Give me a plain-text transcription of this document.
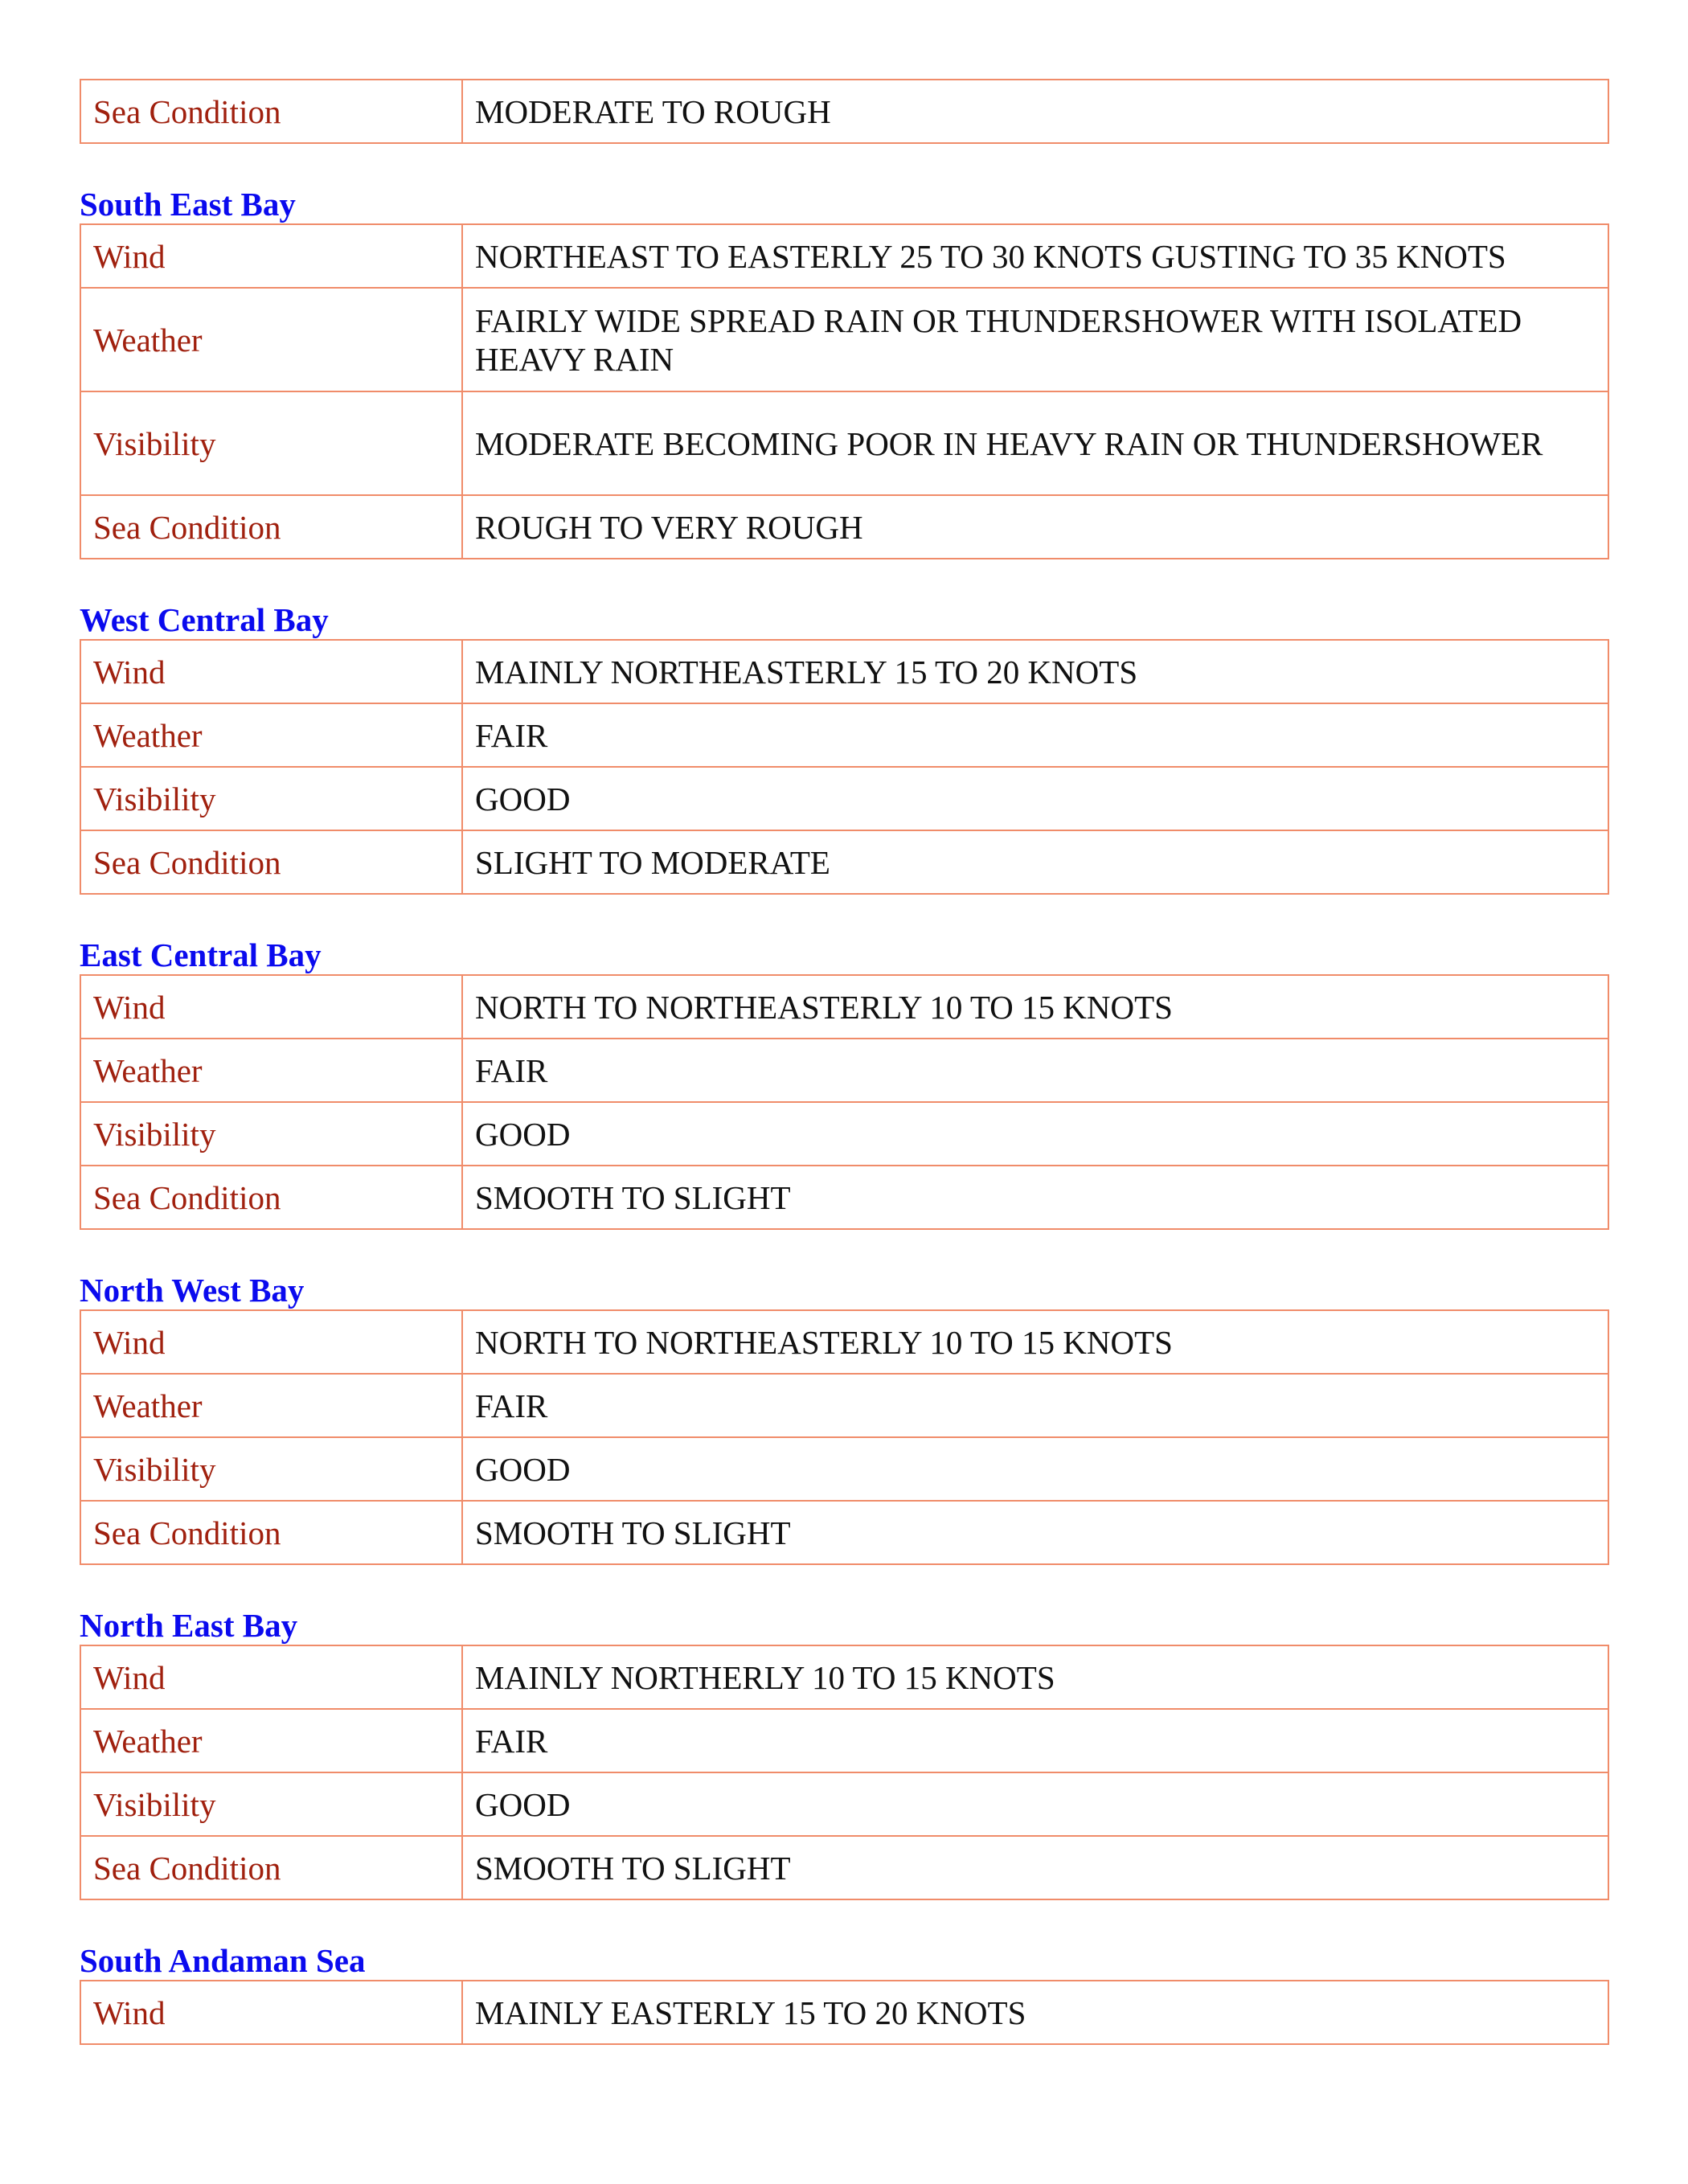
Sea Condition	MODERATE TO ROUGH
South East Bay
Wind	NORTHEAST TO EASTERLY 25 TO 30 KNOTS GUSTING TO 35 KNOTS
Weather	FAIRLY WIDE SPREAD RAIN OR THUNDERSHOWER WITH ISOLATED HEAVY RAIN
Visibility	MODERATE BECOMING POOR IN HEAVY RAIN OR THUNDERSHOWER
Sea Condition	ROUGH TO VERY ROUGH
West Central Bay
Wind	MAINLY NORTHEASTERLY 15 TO 20 KNOTS
Weather	FAIR
Visibility	GOOD
Sea Condition	SLIGHT TO MODERATE
East Central Bay
Wind	NORTH TO NORTHEASTERLY 10 TO 15 KNOTS
Weather	FAIR
Visibility	GOOD
Sea Condition	SMOOTH TO SLIGHT
North West Bay
Wind	NORTH TO NORTHEASTERLY 10 TO 15 KNOTS
Weather	FAIR
Visibility	GOOD
Sea Condition	SMOOTH TO SLIGHT
North East Bay
Wind	MAINLY NORTHERLY 10 TO 15 KNOTS
Weather	FAIR
Visibility	GOOD
Sea Condition	SMOOTH TO SLIGHT
South Andaman Sea
Wind	MAINLY EASTERLY 15 TO 20 KNOTS
